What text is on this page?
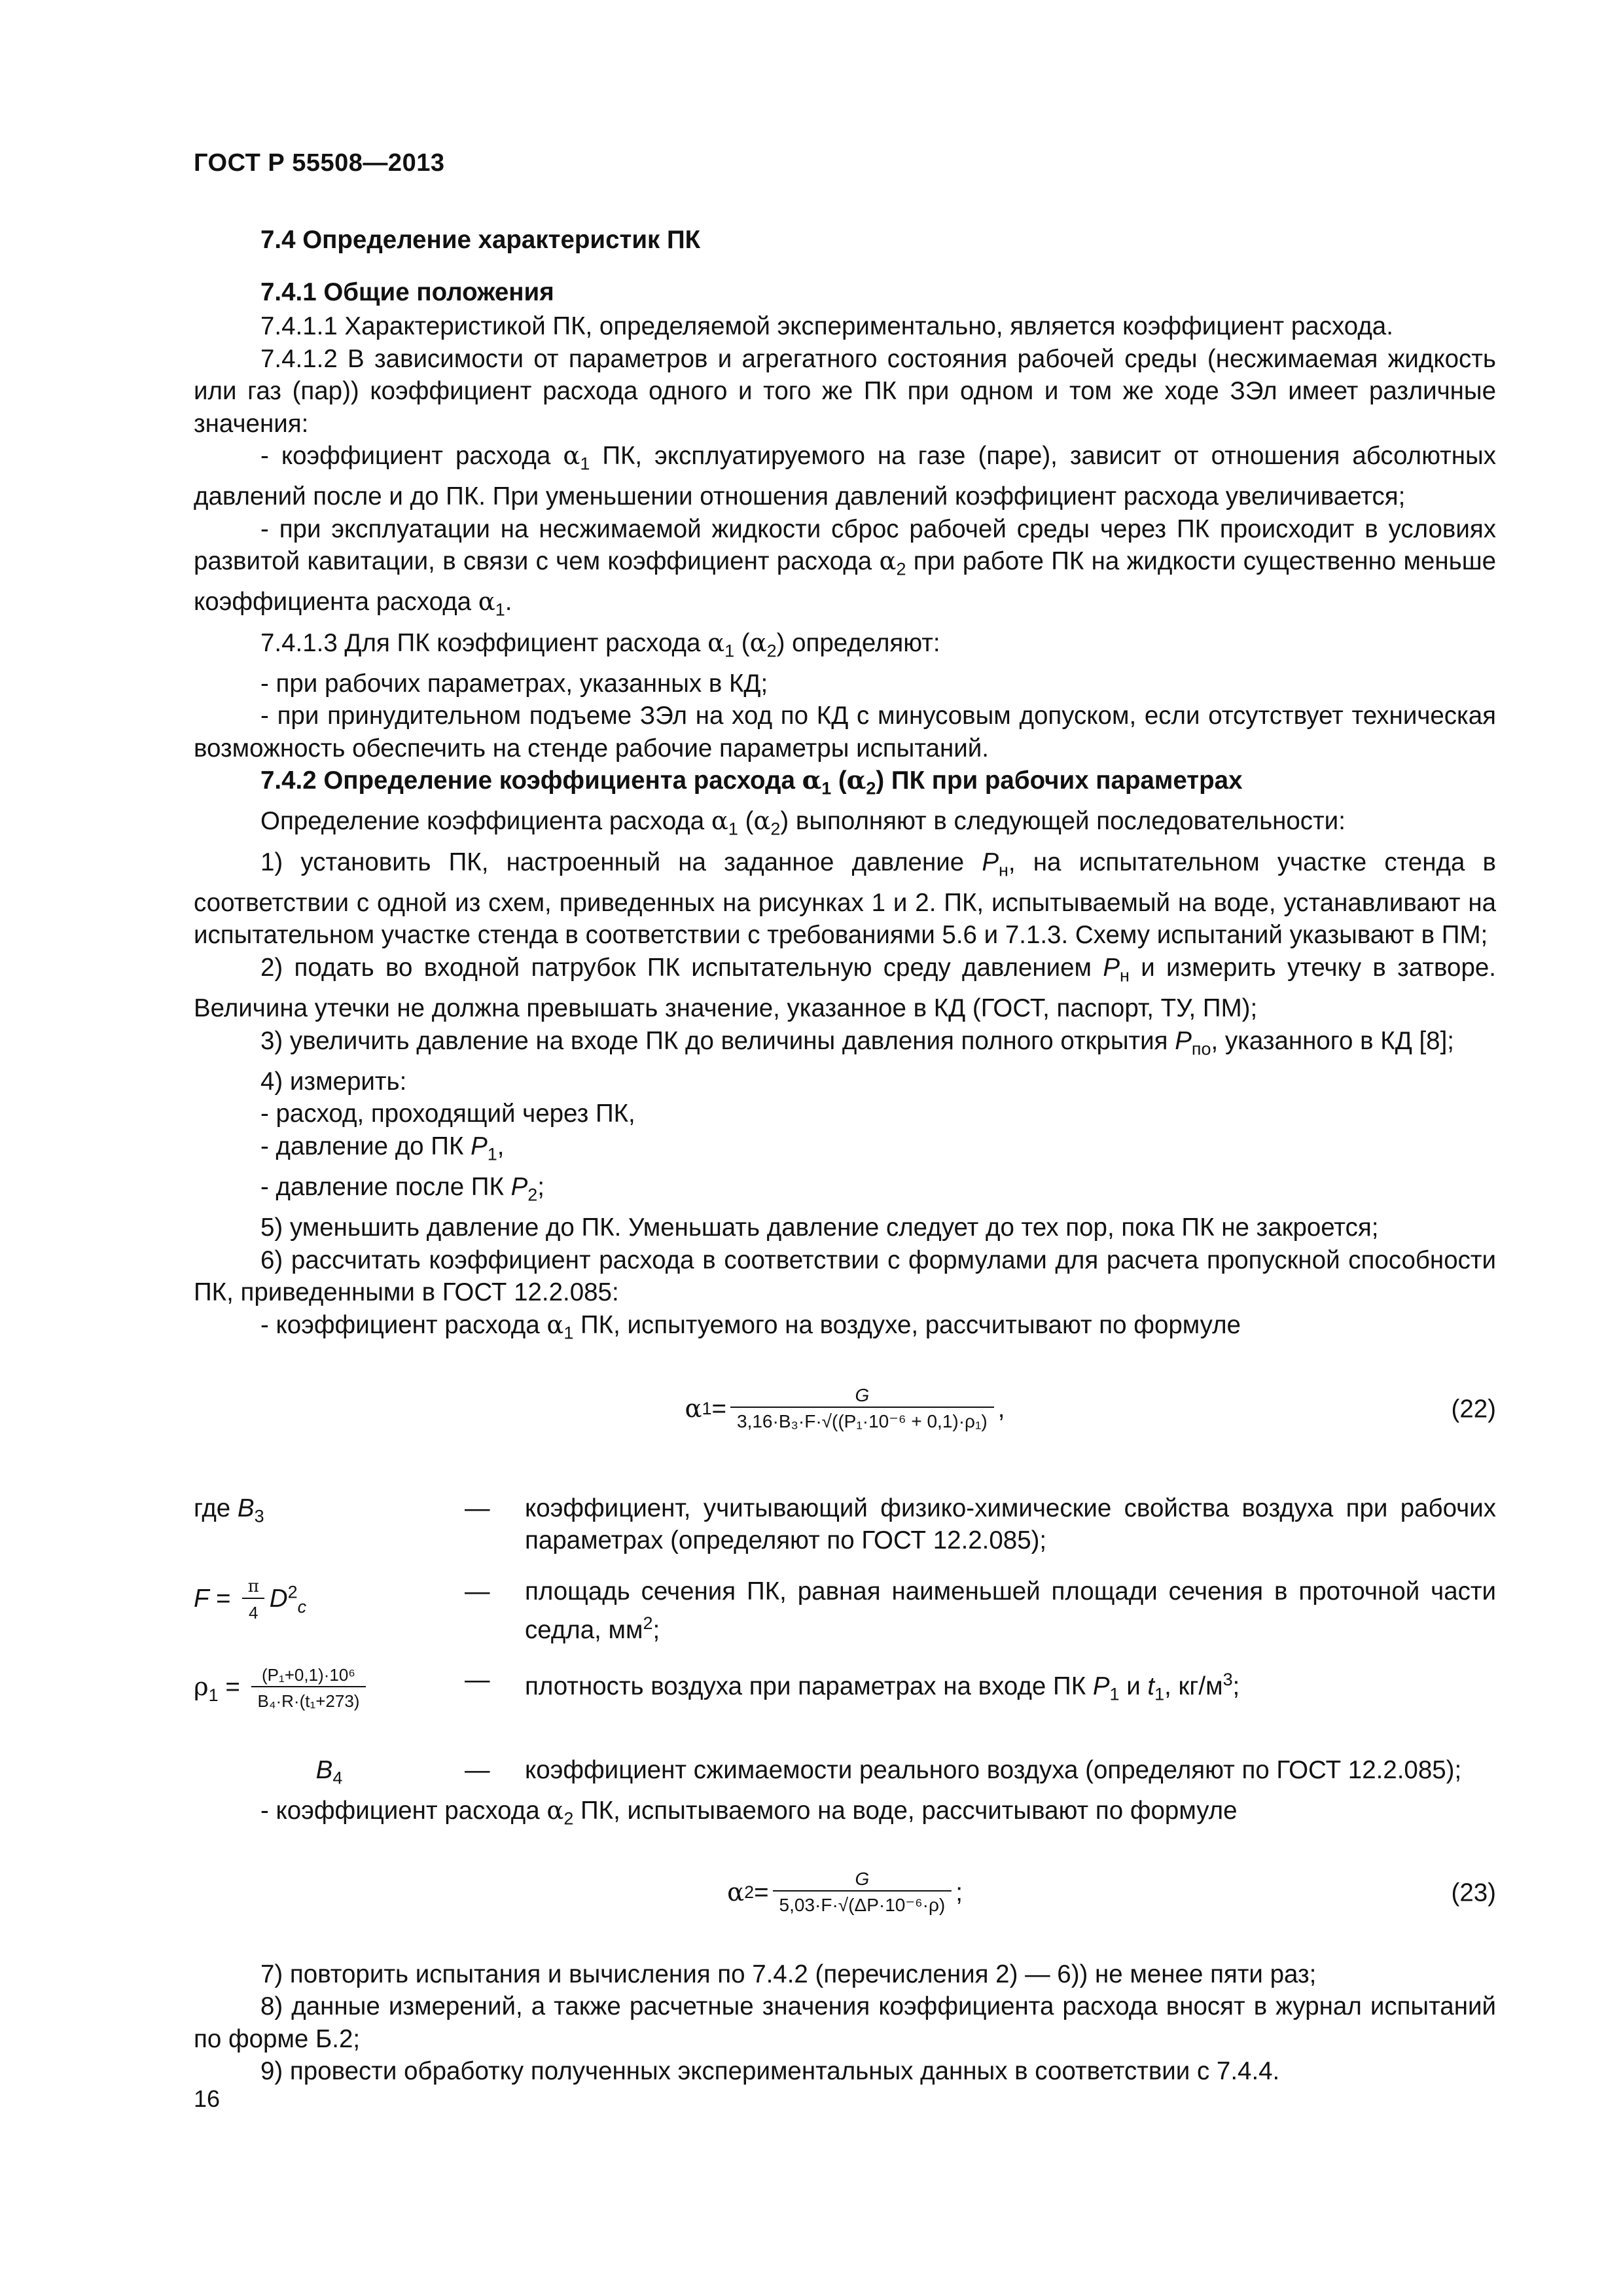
ГОСТ Р 55508—2013

7.4 Определение характеристик ПК

7.4.1 Общие положения

7.4.1.1 Характеристикой ПК, определяемой экспериментально, является коэффициент расхода.

7.4.1.2 В зависимости от параметров и агрегатного состояния рабочей среды (несжимаемая жидкость или газ (пар)) коэффициент расхода одного и того же ПК при одном и том же ходе ЗЭл имеет различные значения:

- коэффициент расхода $\alpha_1$ ПК, эксплуатируемого на газе (паре), зависит от отношения абсолютных давлений после и до ПК. При уменьшении отношения давлений коэффициент расхода увеличивается;

- при эксплуатации на несжимаемой жидкости сброс рабочей среды через ПК происходит в условиях развитой кавитации, в связи с чем коэффициент расхода $\alpha_2$ при работе ПК на жидкости существенно меньше коэффициента расхода $\alpha_1$.

7.4.1.3 Для ПК коэффициент расхода $\alpha_1$ $(\alpha_2)$ определяют:

- при рабочих параметрах, указанных в КД;

- при принудительном подъеме ЗЭл на ход по КД с минусовым допуском, если отсутствует техническая возможность обеспечить на стенде рабочие параметры испытаний.

7.4.2 Определение коэффициента расхода $\alpha_1$ $(\alpha_2)$ ПК при рабочих параметрах

Определение коэффициента расхода $\alpha_1$ $(\alpha_2)$ выполняют в следующей последовательности:

1) установить ПК, настроенный на заданное давление $P_н$, на испытательном участке стенда в соответствии с одной из схем, приведенных на рисунках 1 и 2. ПК, испытываемый на воде, устанавливают на испытательном участке стенда в соответствии с требованиями 5.6 и 7.1.3. Схему испытаний указывают в ПМ;

2) подать во входной патрубок ПК испытательную среду давлением $P_н$ и измерить утечку в затворе. Величина утечки не должна превышать значение, указанное в КД (ГОСТ, паспорт, ТУ, ПМ);

3) увеличить давление на входе ПК до величины давления полного открытия $P_{по}$, указанного в КД [8];

4) измерить:

- расход, проходящий через ПК,

- давление до ПК $P_1$,

- давление после ПК $P_2$;

5) уменьшить давление до ПК. Уменьшать давление следует до тех пор, пока ПК не закроется;

6) рассчитать коэффициент расхода в соответствии с формулами для расчета пропускной способности ПК, приведенными в ГОСТ 12.2.085:

- коэффициент расхода $\alpha_1$ ПК, испытуемого на воздухе, рассчитывают по формуле

α $1 = \frac{G}{\text{3,16·B₃·F·√((P₁·10⁻⁶ + 0,1)·ρ₁)}}$ ,	(22)
где $B_3$	—	коэффициент, учитывающий физико-химические свойства воздуха при рабочих параметрах (определяют по ГОСТ 12.2.085);
$F = \frac{\pi}{4} D^2_c$	—	площадь сечения ПК, равная наименьшей площади сечения в проточной части седла, $мм^2$;
$\rho_1 = \frac{\text{(P₁+0,1)·10⁶}}{\text{B₄·R·(t₁+273)}}$	—	плотность воздуха при параметрах на входе ПК $P_1$ и $t_1$, $кг/м^3$;
$B_4$	—	коэффициент сжимаемости реального воздуха (определяют по ГОСТ 12.2.085);

- коэффициент расхода $\alpha_2$ ПК, испытываемого на воде, рассчитывают по формуле

α $2 = \frac{G}{\text{5,03·F·√(ΔP·10⁻⁶·ρ)}}$ ;	(23)

7) повторить испытания и вычисления по 7.4.2 (перечисления 2) — 6)) не менее пяти раз;

8) данные измерений, а также расчетные значения коэффициента расхода вносят в журнал испытаний по форме Б.2;

9) провести обработку полученных экспериментальных данных в соответствии с 7.4.4.

16
